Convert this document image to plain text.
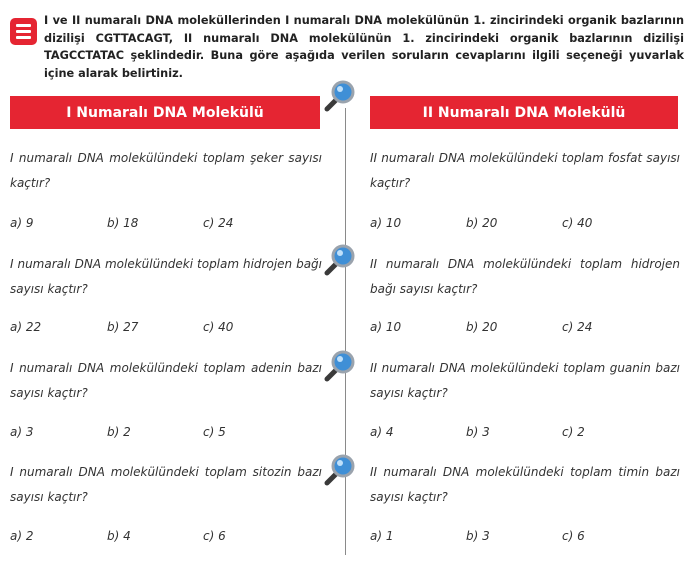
I ve II numaralı DNA moleküllerinden I numaralı DNA molekülünün 1. zincirindeki organik bazlarının dizilişi CGTTACAGT, II numaralı DNA molekülünün 1. zincirindeki organik bazlarının dizilişi TAGCCTATAC şeklindedir. Buna göre aşağıda verilen soruların cevaplarını ilgili seçeneği yuvarlak içine alarak belirtiniz.

I Numaralı DNA Molekülü	II Numaralı DNA Molekülü

I numaralı DNA molekülündeki toplam şeker sayısı kaçtır?

a) 9	b) 18	c) 24

I numaralı DNA molekülündeki toplam hidrojen bağı sayısı kaçtır?

a) 22	b) 27	c) 40

I numaralı DNA molekülündeki toplam adenin bazı sayısı kaçtır?

a) 3	b) 2	c) 5

I numaralı DNA molekülündeki toplam sitozin bazı sayısı kaçtır?

a) 2	b) 4	c) 6

II numaralı DNA molekülündeki toplam fosfat sayısı kaçtır?

a) 10	b) 20	c) 40

II numaralı DNA molekülündeki toplam hidrojen bağı sayısı kaçtır?

a) 10	b) 20	c) 24

II numaralı DNA molekülündeki toplam guanin bazı sayısı kaçtır?

a) 4	b) 3	c) 2

II numaralı DNA molekülündeki toplam timin bazı sayısı kaçtır?

a) 1	b) 3	c) 6
